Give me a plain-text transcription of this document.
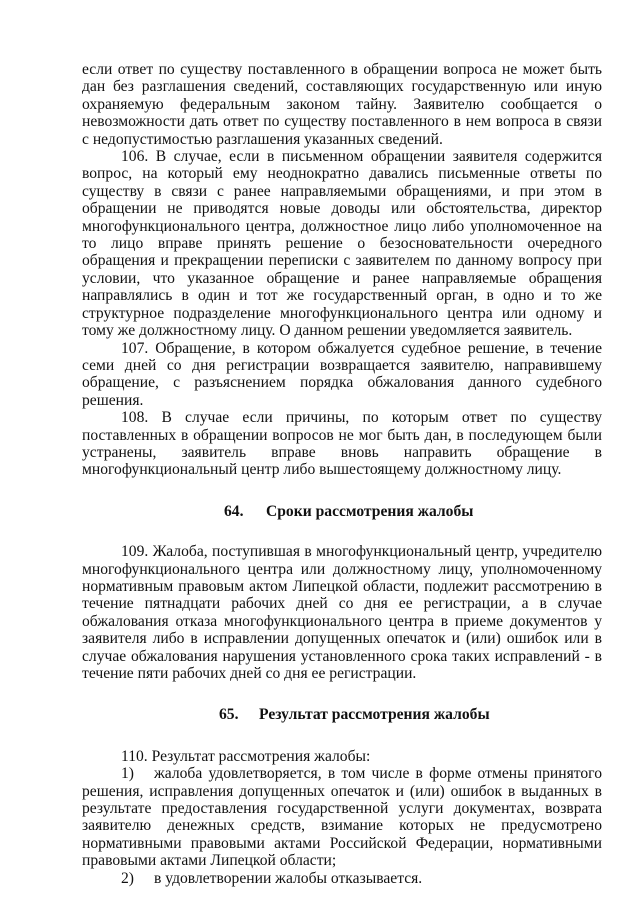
если ответ по существу поставленного в обращении вопроса не может быть дан без разглашения сведений, составляющих государственную или иную охраняемую федеральным законом тайну. Заявителю сообщается о невозможности дать ответ по существу поставленного в нем вопроса в связи с недопустимостью разглашения указанных сведений.

106. В случае, если в письменном обращении заявителя содержится вопрос, на который ему неоднократно давались письменные ответы по существу в связи с ранее направляемыми обращениями, и при этом в обращении не приводятся новые доводы или обстоятельства, директор многофункционального центра, должностное лицо либо уполномоченное на то лицо вправе принять решение о безосновательности очередного обращения и прекращении переписки с заявителем по данному вопросу при условии, что указанное обращение и ранее направляемые обращения направлялись в один и тот же государственный орган, в одно и то же структурное подразделение многофункционального центра или одному и тому же должностному лицу. О данном решении уведомляется заявитель.

107. Обращение, в котором обжалуется судебное решение, в течение семи дней со дня регистрации возвращается заявителю, направившему обращение, с разъяснением порядка обжалования данного судебного решения.

108. В случае если причины, по которым ответ по существу поставленных в обращении вопросов не мог быть дан, в последующем были устранены, заявитель вправе вновь направить обращение в многофункциональный центр либо вышестоящему должностному лицу.

64. Сроки рассмотрения жалобы

109. Жалоба, поступившая в многофункциональный центр, учредителю многофункционального центра или должностному лицу, уполномоченному нормативным правовым актом Липецкой области, подлежит рассмотрению в течение пятнадцати рабочих дней со дня ее регистрации, а в случае обжалования отказа многофункционального центра в приеме документов у заявителя либо в исправлении допущенных опечаток и (или) ошибок или в случае обжалования нарушения установленного срока таких исправлений - в течение пяти рабочих дней со дня ее регистрации.

65. Результат рассмотрения жалобы

110. Результат рассмотрения жалобы:

1) жалоба удовлетворяется, в том числе в форме отмены принятого решения, исправления допущенных опечаток и (или) ошибок в выданных в результате предоставления государственной услуги документах, возврата заявителю денежных средств, взимание которых не предусмотрено нормативными правовыми актами Российской Федерации, нормативными правовыми актами Липецкой области;

2) в удовлетворении жалобы отказывается.
